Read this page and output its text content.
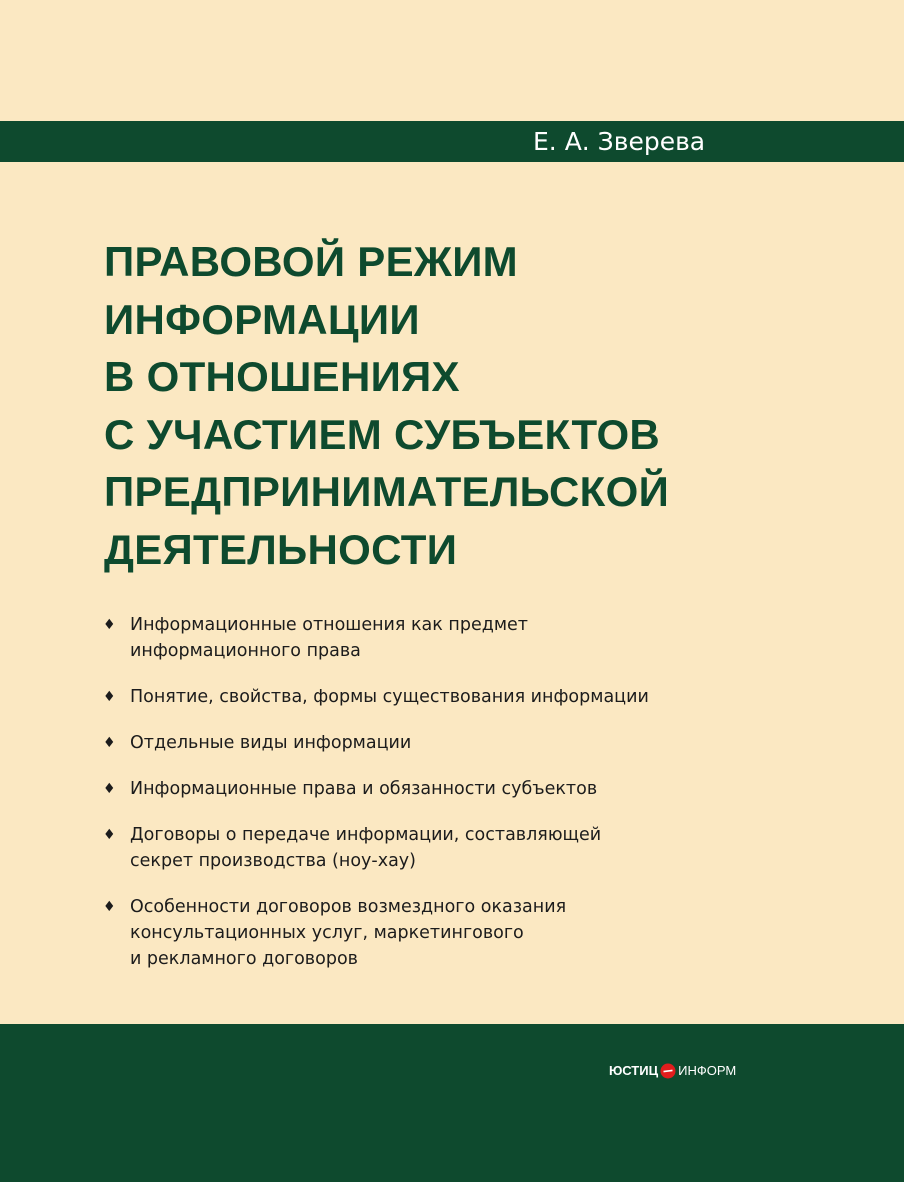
Е. А. Зверева
ПРАВОВОЙ РЕЖИМ
ИНФОРМАЦИИ
В ОТНОШЕНИЯХ
С УЧАСТИЕМ СУБЪЕКТОВ
ПРЕДПРИНИМАТЕЛЬСКОЙ
ДЕЯТЕЛЬНОСТИ
♦ Информационные отношения как предмет
информационного права
♦ Понятие, свойства, формы существования информации
♦ Отдельные виды информации
♦ Информационные права и обязанности субъектов
♦ Договоры о передаче информации, составляющей
секрет производства (ноу-хау)
♦ Особенности договоров возмездного оказания
консультационных услуг, маркетингового
и рекламного договоров
ЮСТИЦ ИНФОРМ
